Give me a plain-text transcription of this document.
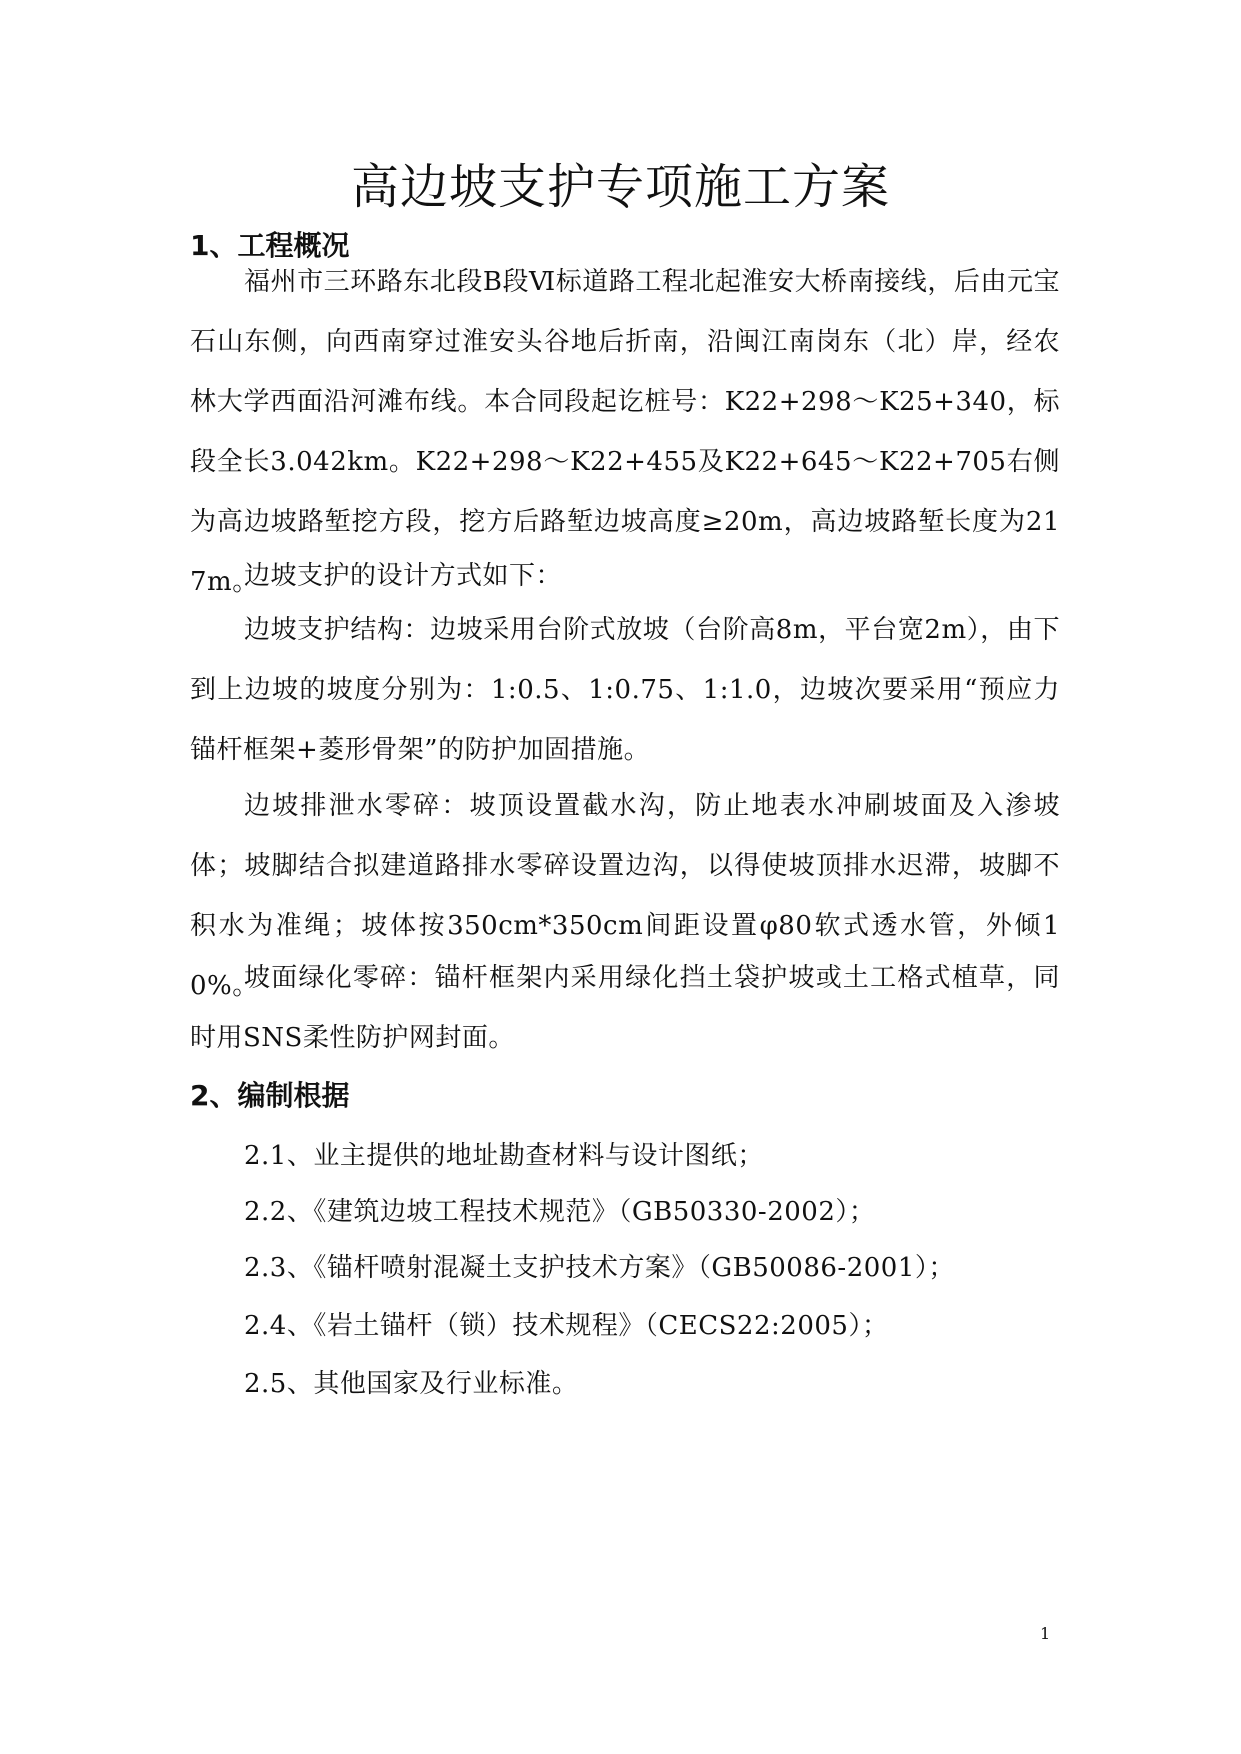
高边坡支护专项施工方案
1、工程概况

福州市三环路东北段B段Ⅵ标道路工程北起淮安大桥南接线，后由元宝石山东侧，向西南穿过淮安头谷地后折南，沿闽江南岗东（北）岸，经农林大学西面沿河滩布线。本合同段起讫桩号：K22+298～K25+340，标段全长3.042km。K22+298～K22+455及K22+645～K22+705右侧为高边坡路堑挖方段，挖方后路堑边坡高度≥20m，高边坡路堑长度为217m。

边坡支护的设计方式如下：

边坡支护结构：边坡采用台阶式放坡（台阶高8m，平台宽2m），由下到上边坡的坡度分别为：1:0.5、1:0.75、1:1.0，边坡次要采用“预应力锚杆框架+菱形骨架”的防护加固措施。

边坡排泄水零碎：坡顶设置截水沟，防止地表水冲刷坡面及入渗坡体；坡脚结合拟建道路排水零碎设置边沟，以得使坡顶排水迟滞，坡脚不积水为准绳；坡体按350cm*350cm间距设置φ80软式透水管，外倾10%。

坡面绿化零碎：锚杆框架内采用绿化挡土袋护坡或土工格式植草，同时用SNS柔性防护网封面。

2、编制根据

2.1、业主提供的地址勘查材料与设计图纸；

2.2、《建筑边坡工程技术规范》（GB50330-2002）；

2.3、《锚杆喷射混凝土支护技术方案》（GB50086-2001）；

2.4、《岩土锚杆（锁）技术规程》（CECS22:2005）；

2.5、其他国家及行业标准。

1
